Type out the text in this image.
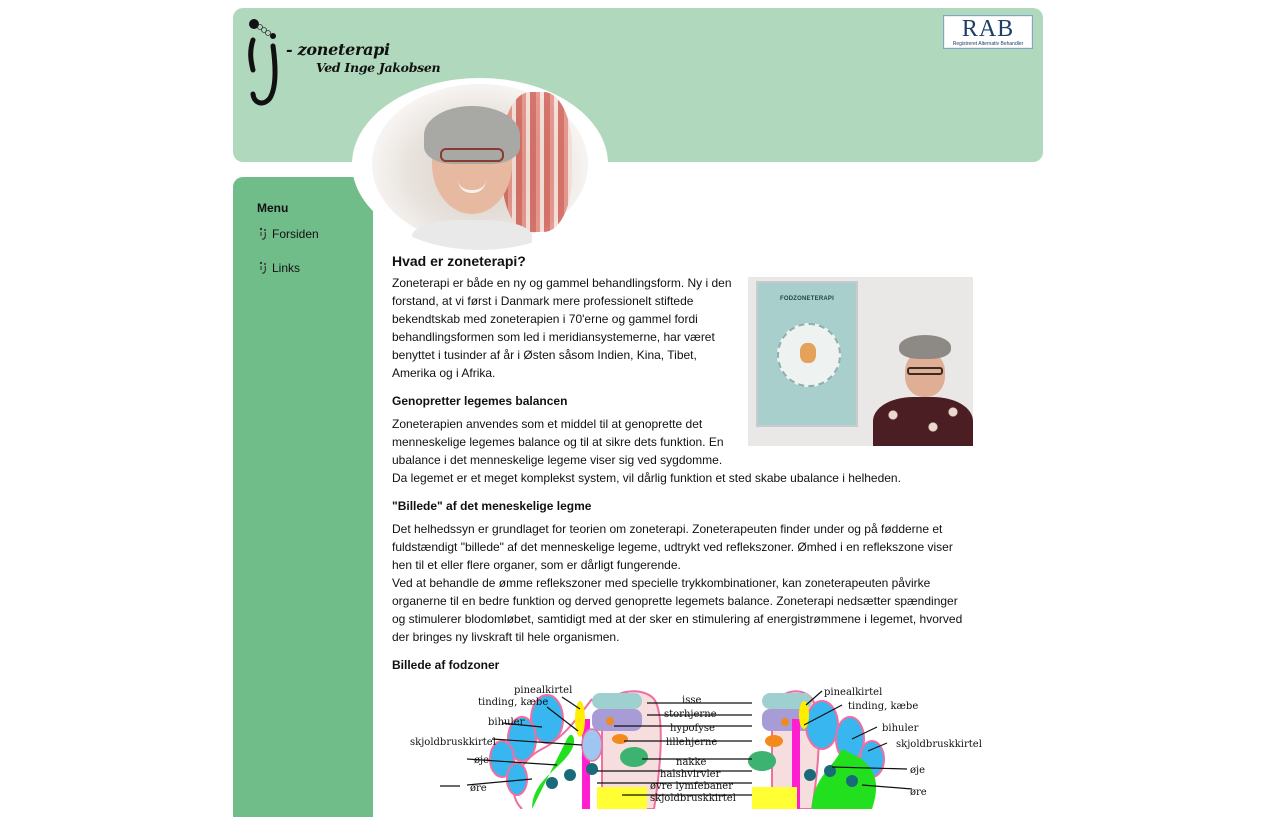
- zoneterapi
Ved Inge Jakobsen
RAB
Registreret Alternativ Behandler
Menu
Forsiden
Links	Hvad er zoneterapi?
FODZONETERAPI

Zoneterapi er både en ny og gammel behandlingsform. Ny i den forstand, at vi først i Danmark mere professionelt stiftede bekendtskab med zoneterapien i 70'erne og gammel fordi behandlingsformen som led i meridiansystemerne, har været benyttet i tusinder af år i Østen såsom Indien, Kina, Tibet, Amerika og i Afrika.

Genopretter legemes balancen

Zoneterapien anvendes som et middel til at genoprette det menneskelige legemes balance og til at sikre dets funktion. En ubalance i det menneskelige legeme viser sig ved sygdomme.

Da legemet er et meget komplekst system, vil dårlig funktion et sted skabe ubalance i helheden.

"Billede" af det meneskelige legme

Det helhedssyn er grundlaget for teorien om zoneterapi. Zoneterapeuten finder under og på fødderne et fuldstændigt "billede" af det menneskelige legeme, udtrykt ved reflekszoner. Ømhed i en reflekszone viser hen til et eller flere organer, som er dårligt fungerende.

Ved at behandle de ømme reflekszoner med specielle trykkombinationer, kan zoneterapeuten påvirke organerne til en bedre funktion og derved genoprette legemets balance. Zoneterapi nedsætter spændinger og stimulerer blodomløbet, samtidigt med at der sker en stimulering af energistrømmene i legemet, hvorved der bringes ny livskraft til hele organismen.

Billede af fodzoner
pinealkirtel
tinding, kæbe
bihuler
skjoldbruskkirtel
øje
øre
isse
storhjerne
hypofyse
lillehjerne
nakke
halshvirvler
øvre lymfebaner
skjoldbruskkirtel
pinealkirtel
tinding, kæbe
bihuler
skjoldbruskkirtel
øje
øre
